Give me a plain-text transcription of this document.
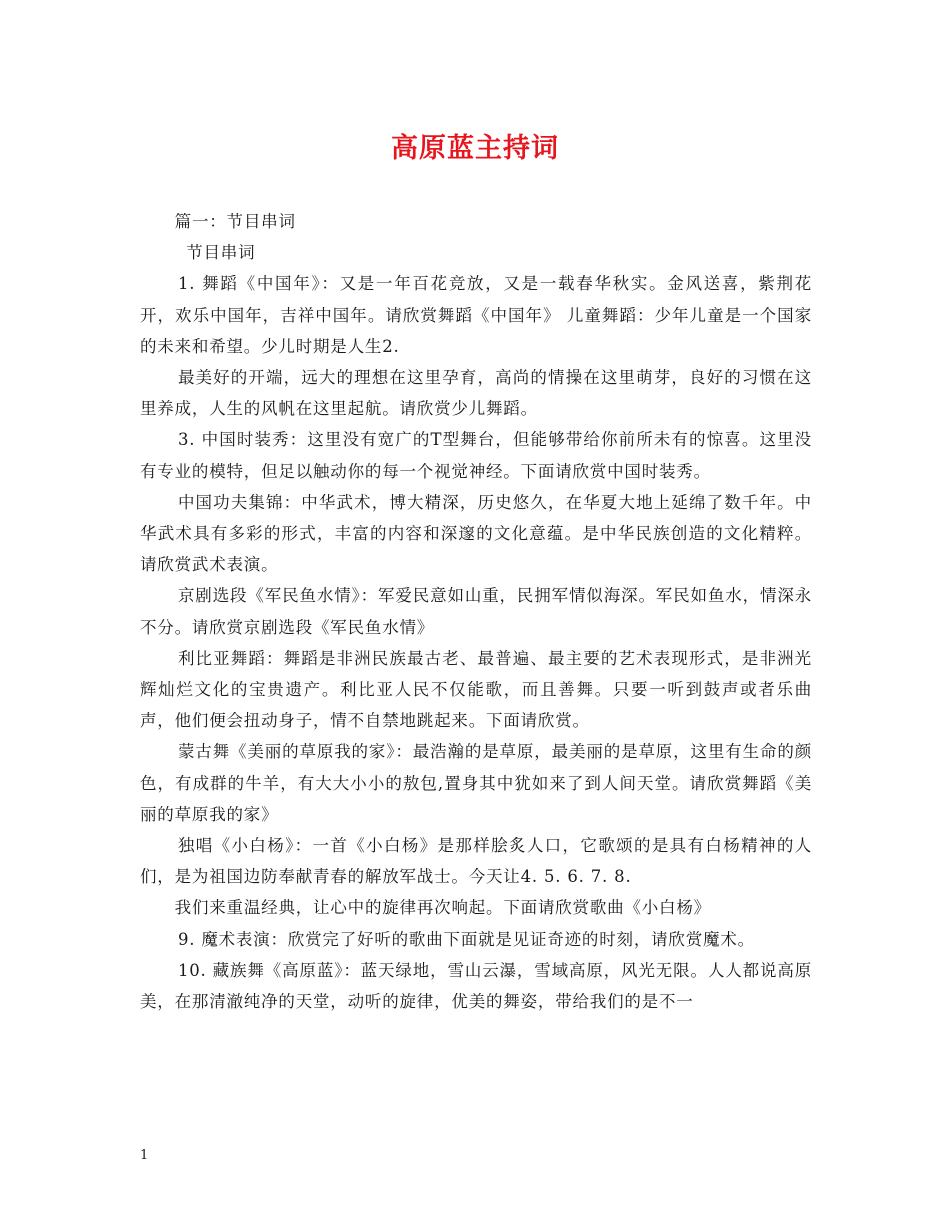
高原蓝主持词

篇一：节目串词

节目串词

1. 舞蹈《中国年》：又是一年百花竞放，又是一载春华秋实。金风送喜，紫荆花开，欢乐中国年，吉祥中国年。请欣赏舞蹈《中国年》 儿童舞蹈：少年儿童是一个国家的未来和希望。少儿时期是人生2.

最美好的开端，远大的理想在这里孕育，高尚的情操在这里萌芽，良好的习惯在这里养成，人生的风帆在这里起航。请欣赏少儿舞蹈。

3. 中国时装秀：这里没有宽广的T型舞台，但能够带给你前所未有的惊喜。这里没有专业的模特，但足以触动你的每一个视觉神经。下面请欣赏中国时装秀。

中国功夫集锦：中华武术，博大精深，历史悠久，在华夏大地上延绵了数千年。中华武术具有多彩的形式，丰富的内容和深邃的文化意蕴。是中华民族创造的文化精粹。 请欣赏武术表演。

京剧选段《军民鱼水情》：军爱民意如山重，民拥军情似海深。军民如鱼水，情深永不分。请欣赏京剧选段《军民鱼水情》

利比亚舞蹈：舞蹈是非洲民族最古老、最普遍、最主要的艺术表现形式，是非洲光辉灿烂文化的宝贵遗产。利比亚人民不仅能歌，而且善舞。只要一听到鼓声或者乐曲声，他们便会扭动身子，情不自禁地跳起来。下面请欣赏。

蒙古舞《美丽的草原我的家》：最浩瀚的是草原，最美丽的是草原，这里有生命的颜色，有成群的牛羊，有大大小小的敖包,置身其中犹如来了到人间天堂。请欣赏舞蹈《美丽的草原我的家》

独唱《小白杨》：一首《小白杨》是那样脍炙人口，它歌颂的是具有白杨精神的人们，是为祖国边防奉献青春的解放军战士。今天让4. 5. 6. 7. 8.

我们来重温经典，让心中的旋律再次响起。下面请欣赏歌曲《小白杨》

9. 魔术表演：欣赏完了好听的歌曲下面就是见证奇迹的时刻，请欣赏魔术。

10. 藏族舞《高原蓝》：蓝天绿地，雪山云瀑，雪域高原，风光无限。人人都说高原美，在那清澈纯净的天堂，动听的旋律，优美的舞姿，带给我们的是不一

1
